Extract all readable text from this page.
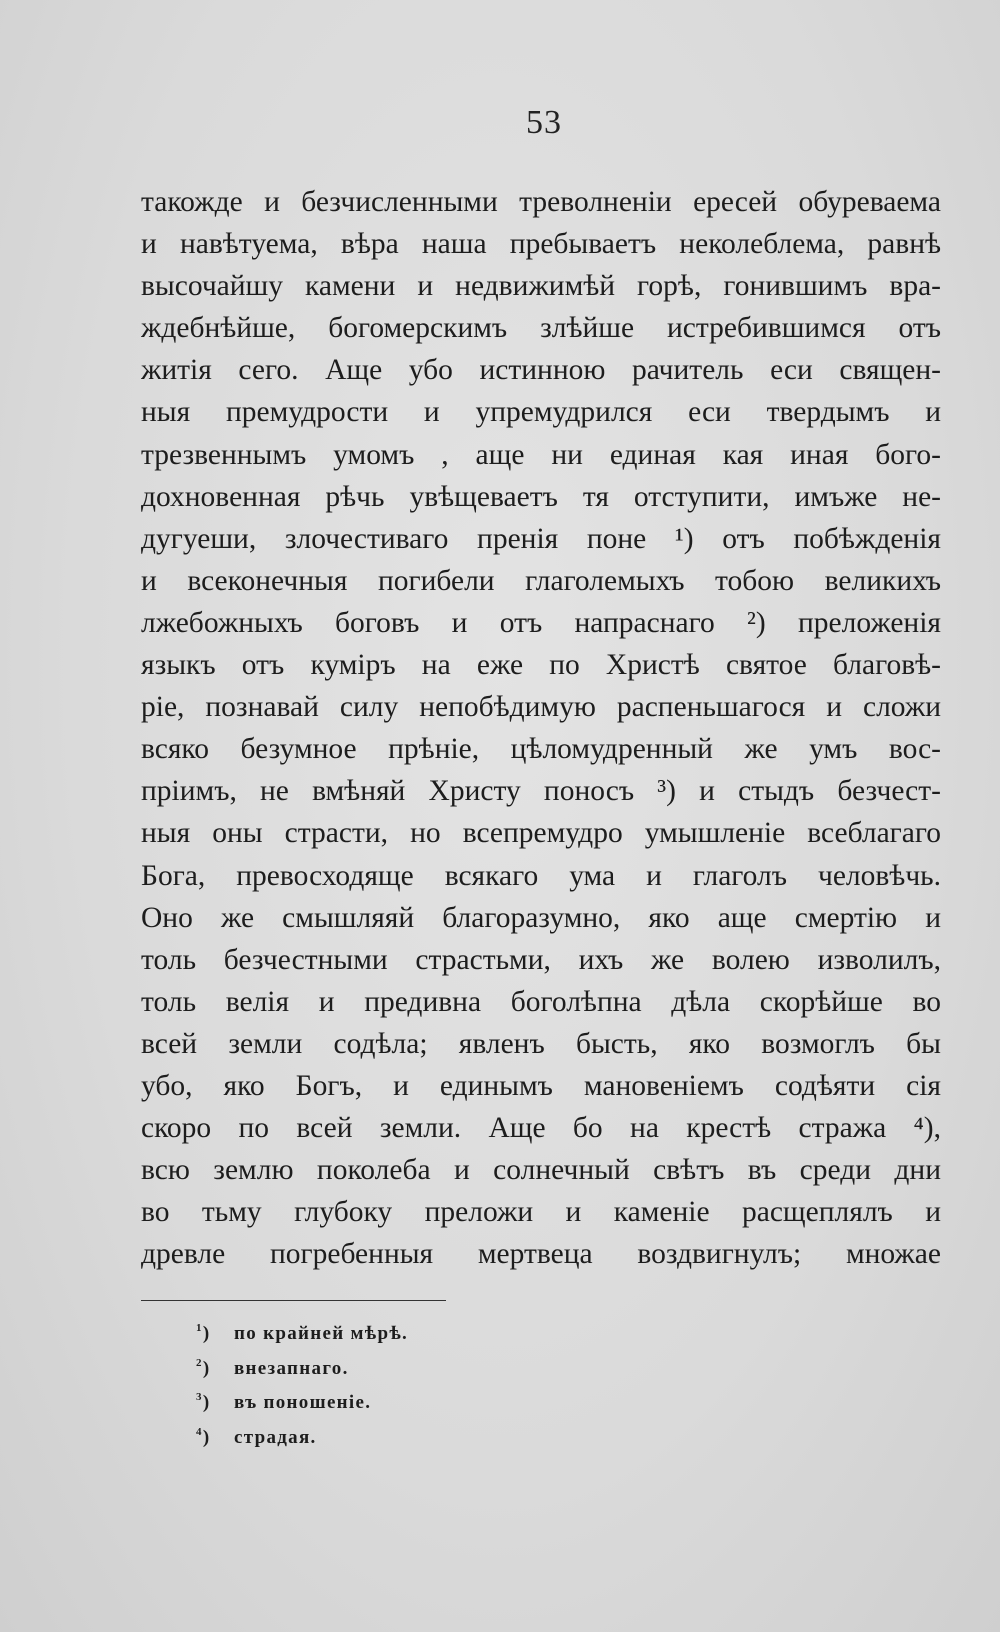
53
такожде и безчисленными треволненіи ересей обуреваема
и навѣтуема, вѣра наша пребываетъ неколеблема, равнѣ
высочайшу камени и недвижимѣй горѣ, гонившимъ вра-
ждебнѣйше, богомерскимъ злѣйше истребившимся отъ
житія сего. Аще убо истинною рачитель еси священ-
ныя премудрости и упремудрился еси твердымъ и
трезвеннымъ умомъ , аще ни единая кая иная бого-
дохновенная рѣчь увѣщеваетъ тя отступити, имъже не-
дугуеши, злочестиваго пренія поне ¹) отъ побѣжденія
и всеконечныя погибели глаголемыхъ тобою великихъ
лжебожныхъ боговъ и отъ напраснаго ²) преложенія
языкъ отъ куміръ на еже по Христѣ святое благовѣ-
ріе, познавай силу непобѣдимую распеньшагося и сложи
всяко безумное прѣніе, цѣломудренный же умъ вос-
пріимъ, не вмѣняй Христу поносъ ³) и стыдъ безчест-
ныя оны страсти, но всепремудро умышленіе всеблагаго
Бога, превосходяще всякаго ума и глаголъ человѣчь.
Оно же смышляяй благоразумно, яко аще смертію и
толь безчестными страстьми, ихъ же волею изволилъ,
толь велія и предивна боголѣпна дѣла скорѣйше во
всей земли содѣла; явленъ бысть, яко возмоглъ бы
убо, яко Богъ, и единымъ мановеніемъ содѣяти сія
скоро по всей земли. Аще бо на крестѣ стража ⁴),
всю землю поколеба и солнечный свѣтъ въ среди дни
во тьму глубоку преложи и каменіе расщеплялъ и
древле погребенныя мертвеца воздвигнулъ; множае
$^1$) по крайней мѣрѣ.
$^2$) внезапнаго.
$^3$) въ поношеніе.
$^4$) страдая.
